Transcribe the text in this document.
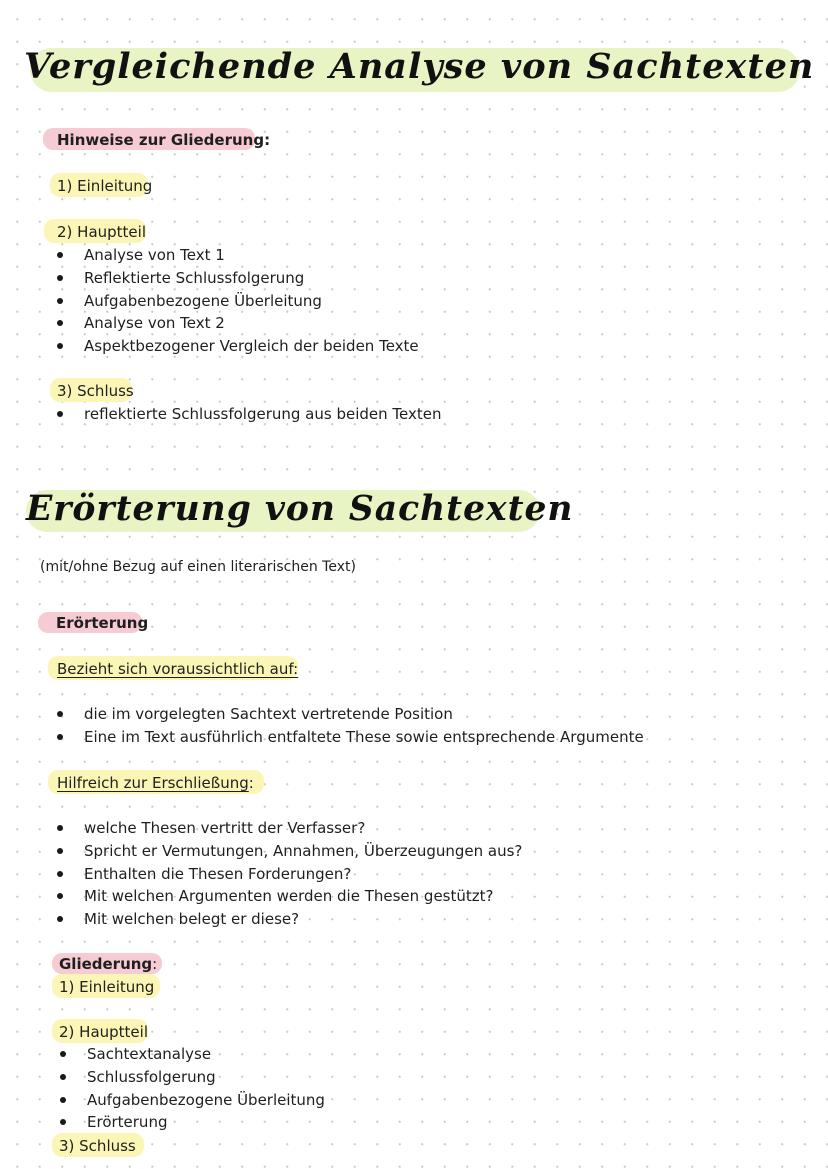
Vergleichende Analyse von Sachtexten
Hinweise zur Gliederung:
1) Einleitung
2) Hauptteil
Analyse von Text 1
Reflektierte Schlussfolgerung
Aufgabenbezogene Überleitung
Analyse von Text 2
Aspektbezogener Vergleich der beiden Texte
3) Schluss
reflektierte Schlussfolgerung aus beiden Texten
Erörterung von Sachtexten
(mit/ohne Bezug auf einen literarischen Text)
Erörterung
Bezieht sich voraussichtlich auf:
die im vorgelegten Sachtext vertretende Position
Eine im Text ausführlich entfaltete These sowie entsprechende Argumente
Hilfreich zur Erschließung:
welche Thesen vertritt der Verfasser?
Spricht er Vermutungen, Annahmen, Überzeugungen aus?
Enthalten die Thesen Forderungen?
Mit welchen Argumenten werden die Thesen gestützt?
Mit welchen belegt er diese?
Gliederung:
1) Einleitung
2) Hauptteil
Sachtextanalyse
Schlussfolgerung
Aufgabenbezogene Überleitung
Erörterung
3) Schluss
